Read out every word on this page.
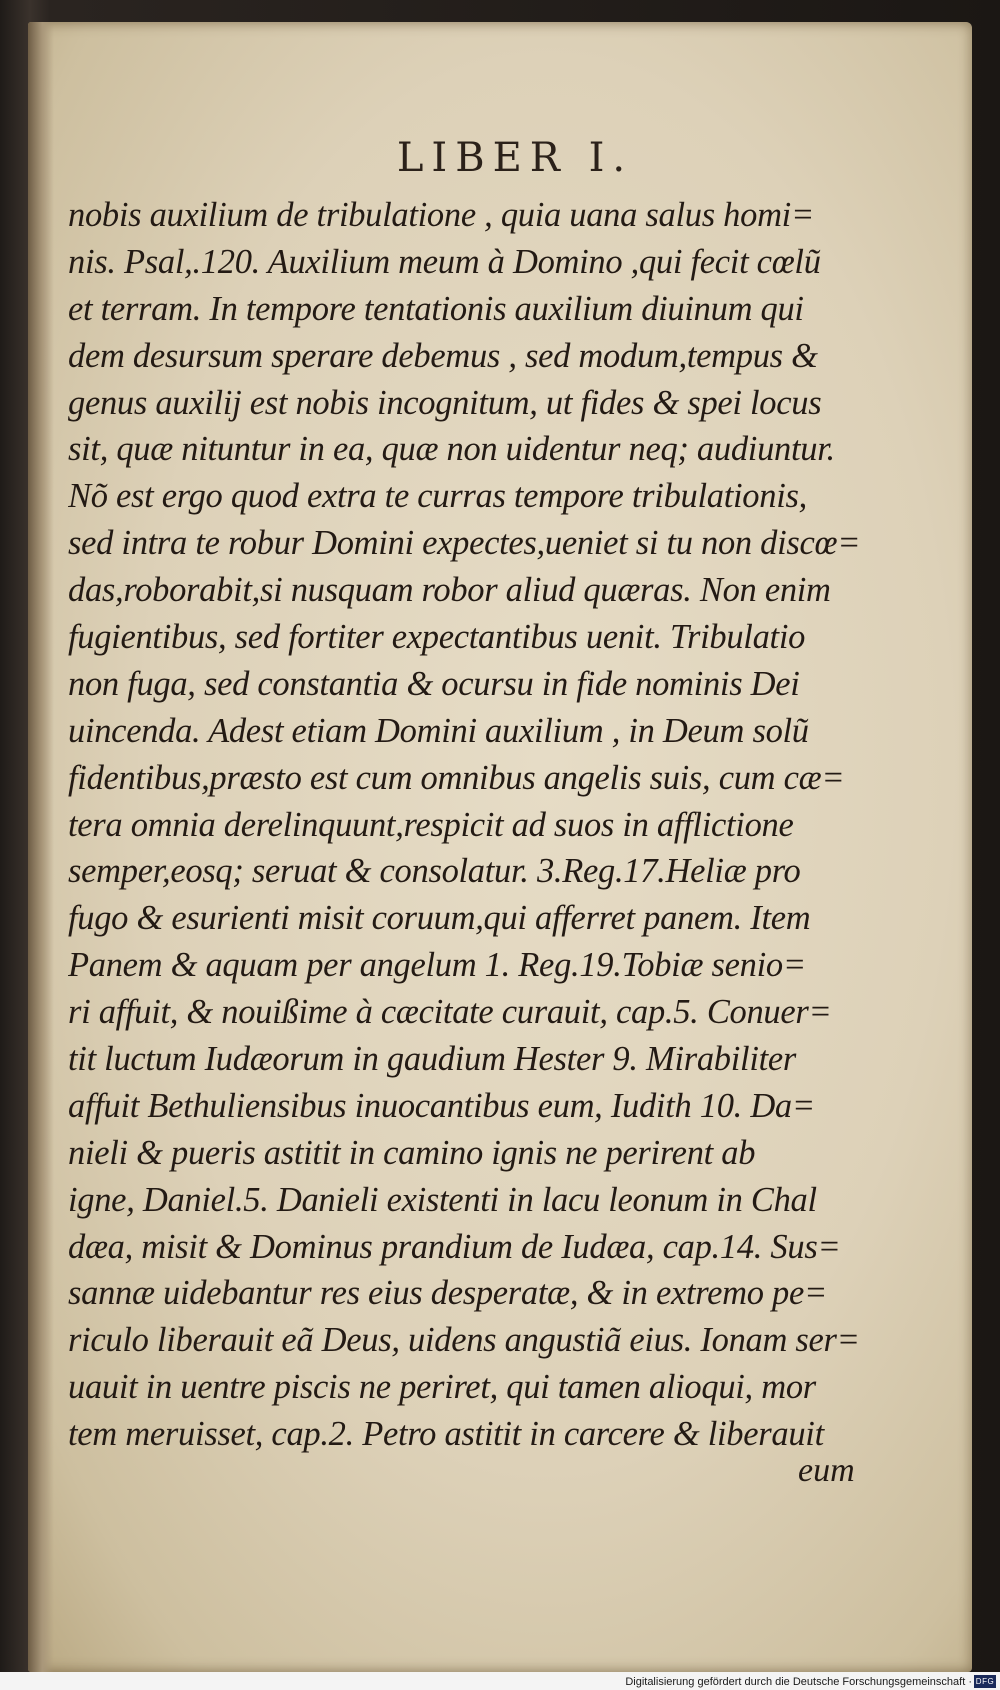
LIBER I.
nobis auxilium de tribulatione , quia uana salus homi=
nis. Psal,.120. Auxilium meum à Domino ,qui fecit cœlũ
et terram. In tempore tentationis auxilium diuinum qui
dem desursum sperare debemus , sed modum,tempus &
genus auxilij est nobis incognitum, ut fides & spei locus
sit, quæ nituntur in ea, quæ non uidentur neq; audiuntur.
Nõ est ergo quod extra te curras tempore tribulationis,
sed intra te robur Domini expectes,ueniet si tu non discœ=
das,roborabit,si nusquam robor aliud quæras. Non enim
fugientibus, sed fortiter expectantibus uenit. Tribulatio
non fuga, sed constantia & ocursu in fide nominis Dei
uincenda. Adest etiam Domini auxilium , in Deum solũ
fidentibus,præsto est cum omnibus angelis suis, cum cæ=
tera omnia derelinquunt,respicit ad suos in afflictione
semper,eosq; seruat & consolatur. 3.Reg.17.Heliæ pro
fugo & esurienti misit coruum,qui afferret panem. Item
Panem & aquam per angelum 1. Reg.19.Tobiæ senio=
ri affuit, & nouißime à cæcitate curauit, cap.5. Conuer=
tit luctum Iudæorum in gaudium Hester 9. Mirabiliter
affuit Bethuliensibus inuocantibus eum, Iudith 10. Da=
nieli & pueris astitit in camino ignis ne perirent ab
igne, Daniel.5. Danieli existenti in lacu leonum in Chal
dæa, misit & Dominus prandium de Iudæa, cap.14. Sus=
sannæ uidebantur res eius desperatæ, & in extremo pe=
riculo liberauit eã Deus, uidens angustiã eius. Ionam ser=
uauit in uentre piscis ne periret, qui tamen alioqui, mor
tem meruisset, cap.2. Petro astitit in carcere & liberauit
eum
Digitalisierung gefördert durch die Deutsche Forschungsgemeinschaft · DFG
